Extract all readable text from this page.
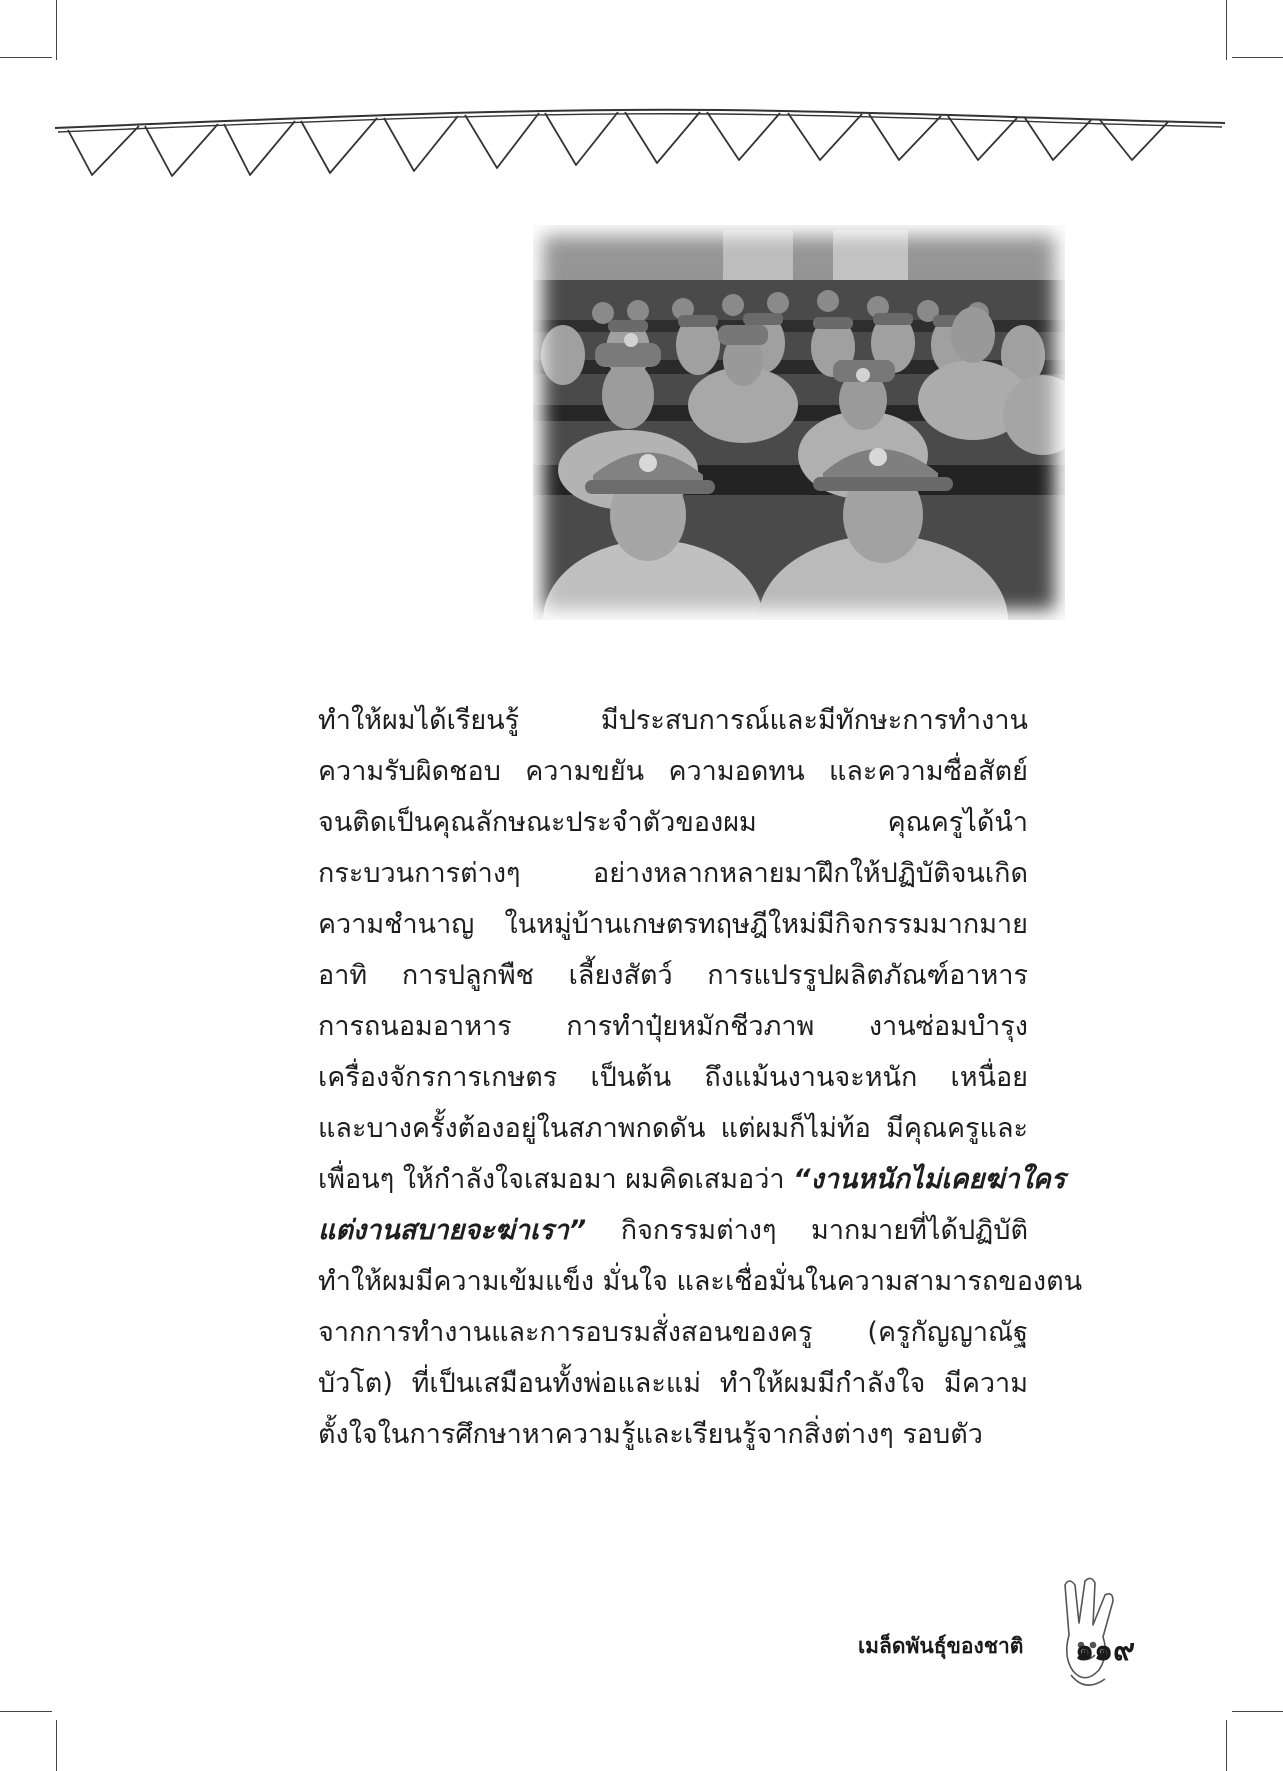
ทำให้ผมได้เรียนรู้ มีประสบการณ์และมีทักษะการทำงาน

ความรับผิดชอบ ความขยัน ความอดทน และความซื่อสัตย์

จนติดเป็นคุณลักษณะประจำตัวของผม คุณครูได้นำ

กระบวนการต่างๆ อย่างหลากหลายมาฝึกให้ปฏิบัติจนเกิด

ความชำนาญ ในหมู่บ้านเกษตรทฤษฎีใหม่มีกิจกรรมมากมาย

อาทิ การปลูกพืช เลี้ยงสัตว์ การแปรรูปผลิตภัณฑ์อาหาร

การถนอมอาหาร การทำปุ๋ยหมักชีวภาพ งานซ่อมบำรุง

เครื่องจักรการเกษตร เป็นต้น ถึงแม้นงานจะหนัก เหนื่อย

และบางครั้งต้องอยู่ในสภาพกดดัน แต่ผมก็ไม่ท้อ มีคุณครูและ

เพื่อนๆ ให้กำลังใจเสมอมา ผมคิดเสมอว่า “งานหนักไม่เคยฆ่าใคร

แต่งานสบายจะฆ่าเรา” กิจกรรมต่างๆ มากมายที่ได้ปฏิบัติ

ทำให้ผมมีความเข้มแข็ง มั่นใจ และเชื่อมั่นในความสามารถของตน

จากการทำงานและการอบรมสั่งสอนของครู (ครูกัญญาณัฐ

บัวโต) ที่เป็นเสมือนทั้งพ่อและแม่ ทำให้ผมมีกำลังใจ มีความ

ตั้งใจในการศึกษาหาความรู้และเรียนรู้จากสิ่งต่างๆ รอบตัว

เมล็ดพันธุ์ของชาติ ๑๑๙
